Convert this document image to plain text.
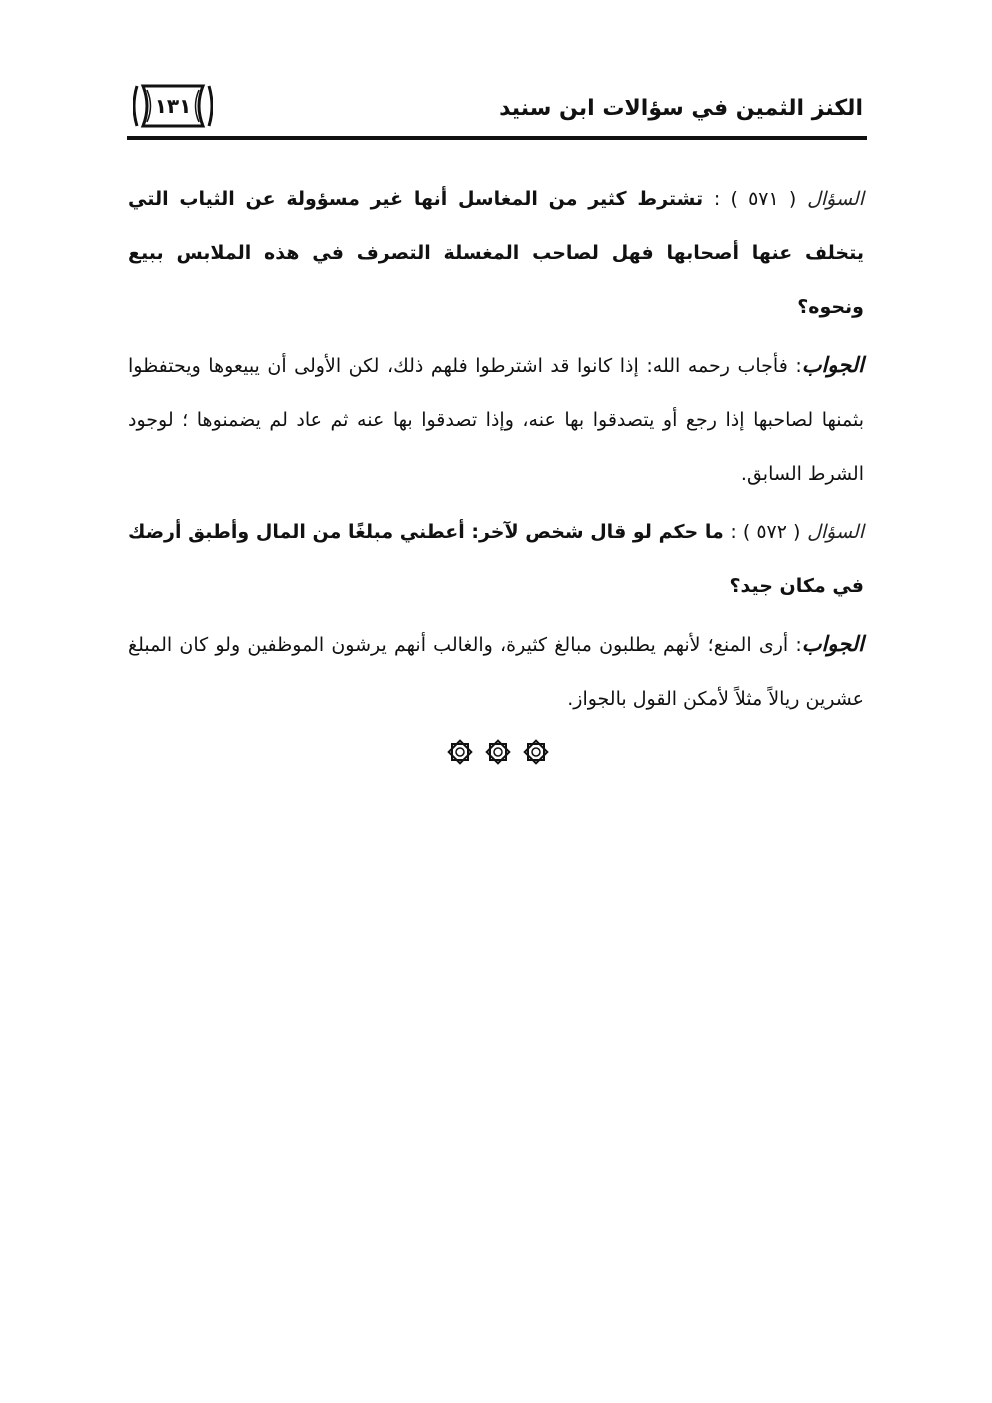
الكنز الثمين في سؤالات ابن سنيد
١٣١

السؤال ( ٥٧١ ) : تشترط كثير من المغاسل أنها غير مسؤولة عن الثياب التي يتخلف عنها أصحابها فهل لصاحب المغسلة التصرف في هذه الملابس ببيع ونحوه؟

الجواب: فأجاب رحمه الله: إذا كانوا قد اشترطوا فلهم ذلك، لكن الأولى أن يبيعوها ويحتفظوا بثمنها لصاحبها إذا رجع أو يتصدقوا بها عنه، وإذا تصدقوا بها عنه ثم عاد لم يضمنوها ؛ لوجود الشرط السابق.

السؤال ( ٥٧٢ ) : ما حكم لو قال شخص لآخر: أعطني مبلغًا من المال وأطبق أرضك في مكان جيد؟

الجواب: أرى المنع؛ لأنهم يطلبون مبالغ كثيرة، والغالب أنهم يرشون الموظفين ولو كان المبلغ عشرين ريالاً مثلاً لأمكن القول بالجواز.
